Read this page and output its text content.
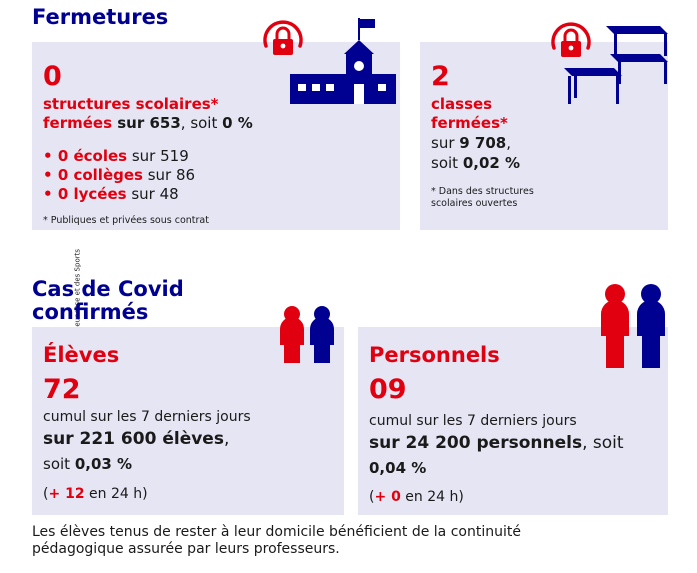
Fermetures
0
structures scolaires*
fermées sur 653, soit 0 %
• 0 écoles sur 519
• 0 collèges sur 86
• 0 lycées sur 48
* Publiques et privées sous contrat
2
classes
fermées*
sur 9 708,
soit 0,02 %
* Dans des structures
scolaires ouvertes
Cas de Covid
confirmés
Élèves
72
cumul sur les 7 derniers jours
sur 221 600 élèves,
soit 0,03 %
(+ 12 en 24 h)
Personnels
09
cumul sur les 7 derniers jours
sur 24 200 personnels, soit
0,04 %
(+ 0 en 24 h)
Les élèves tenus de rester à leur domicile bénéficient de la continuité
pédagogique assurée par leurs professeurs.
